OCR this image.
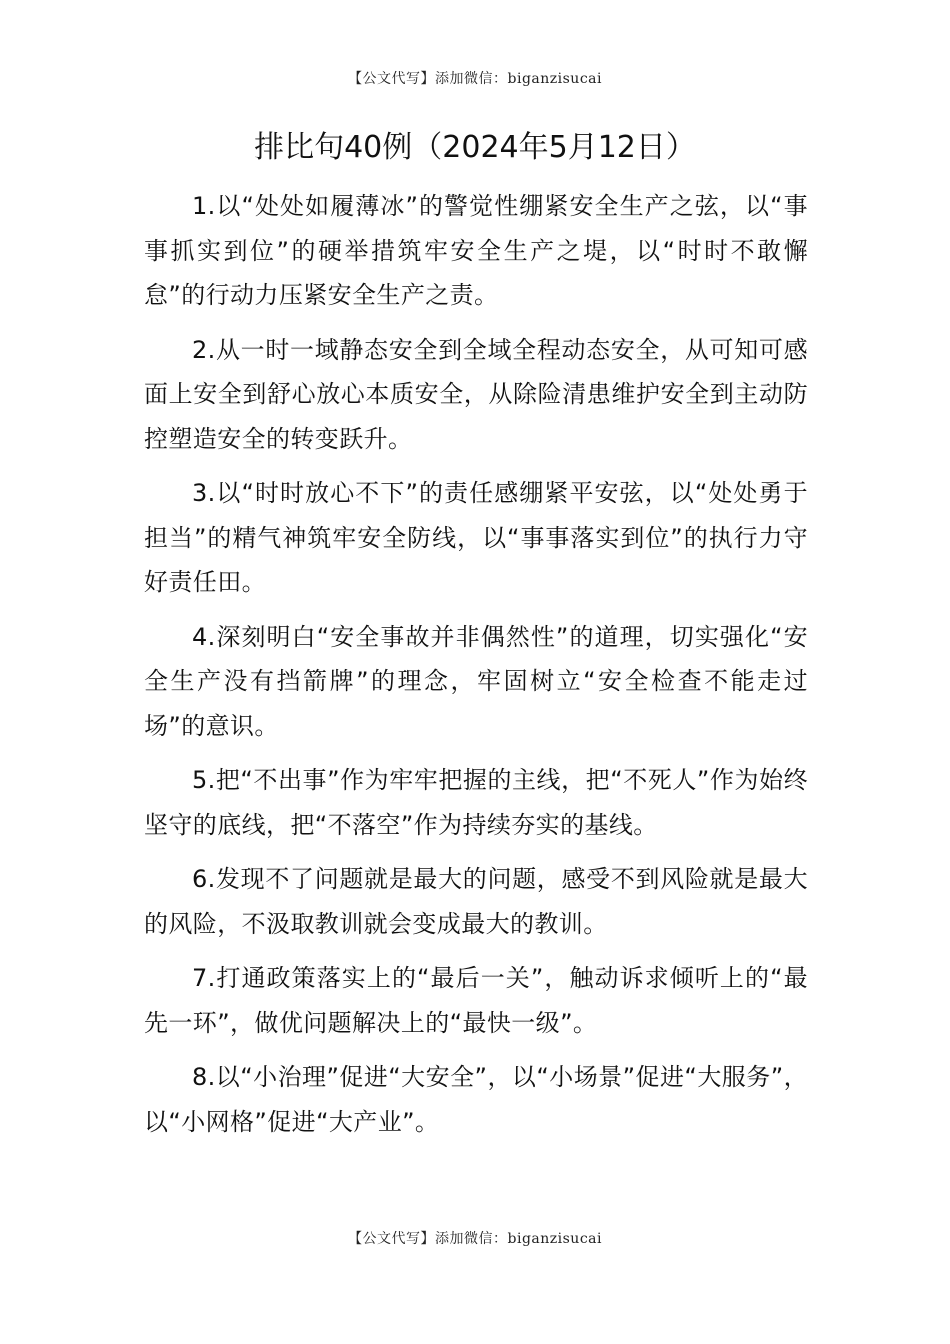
【公文代写】添加微信：biganzisucai
排比句40例（2024年5月12日）

1.以“处处如履薄冰”的警觉性绷紧安全生产之弦，以“事事抓实到位”的硬举措筑牢安全生产之堤，以“时时不敢懈怠”的行动力压紧安全生产之责。

2.从一时一域静态安全到全域全程动态安全，从可知可感面上安全到舒心放心本质安全，从除险清患维护安全到主动防控塑造安全的转变跃升。

3.以“时时放心不下”的责任感绷紧平安弦，以“处处勇于担当”的精气神筑牢安全防线，以“事事落实到位”的执行力守好责任田。

4.深刻明白“安全事故并非偶然性”的道理，切实强化“安全生产没有挡箭牌”的理念，牢固树立“安全检查不能走过场”的意识。

5.把“不出事”作为牢牢把握的主线，把“不死人”作为始终坚守的底线，把“不落空”作为持续夯实的基线。

6.发现不了问题就是最大的问题，感受不到风险就是最大的风险，不汲取教训就会变成最大的教训。

7.打通政策落实上的“最后一关”，触动诉求倾听上的“最先一环”，做优问题解决上的“最快一级”。

8.以“小治理”促进“大安全”，以“小场景”促进“大服务”，以“小网格”促进“大产业”。

【公文代写】添加微信：biganzisucai
